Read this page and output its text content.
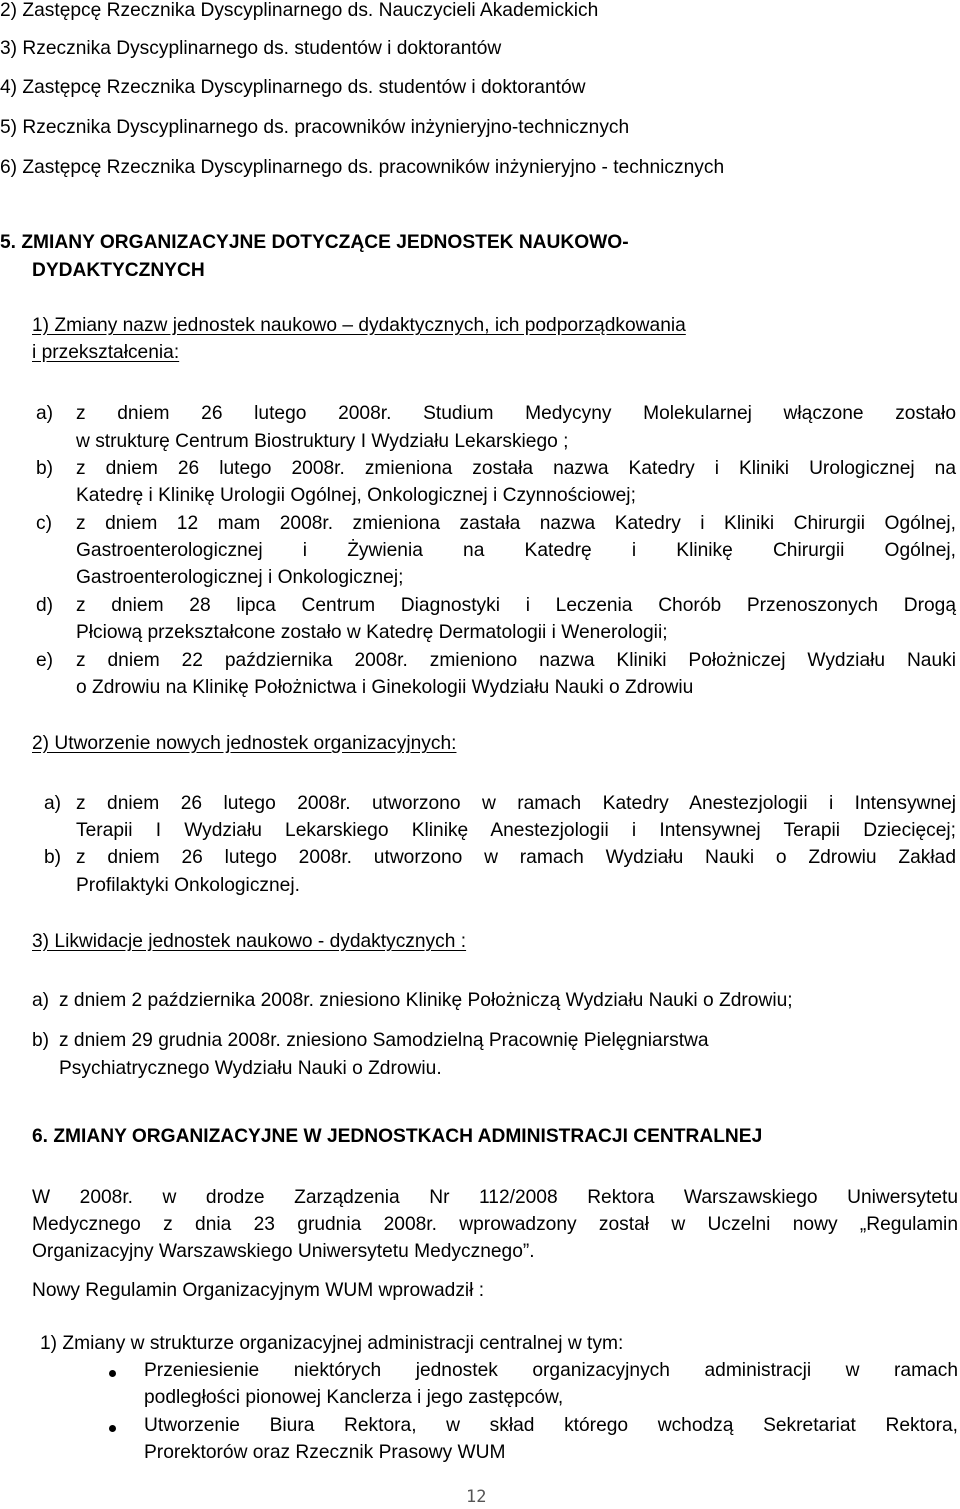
2) Zastępcę Rzecznika Dyscyplinarnego ds. Nauczycieli Akademickich
3) Rzecznika Dyscyplinarnego ds. studentów i doktorantów
4) Zastępcę Rzecznika Dyscyplinarnego ds. studentów i doktorantów
5) Rzecznika Dyscyplinarnego ds. pracowników inżynieryjno-technicznych
6) Zastępcę Rzecznika Dyscyplinarnego ds. pracowników inżynieryjno - technicznych
5. ZMIANY ORGANIZACYJNE DOTYCZĄCE JEDNOSTEK NAUKOWO-
DYDAKTYCZNYCH
1) Zmiany nazw jednostek naukowo – dydaktycznych, ich podporządkowania
i przekształcenia:
a) z dniem 26 lutego 2008r. Studium Medycyny Molekularnej włączone zostało
w strukturę Centrum Biostruktury I Wydziału Lekarskiego ;
b) z dniem 26 lutego 2008r. zmieniona została nazwa Katedry i Kliniki Urologicznej na
Katedrę i Klinikę Urologii Ogólnej, Onkologicznej i Czynnościowej;
c) z dniem 12 mam 2008r. zmieniona zastała nazwa Katedry i Kliniki Chirurgii Ogólnej,
Gastroenterologicznej i Żywienia na Katedrę i Klinikę Chirurgii Ogólnej,
Gastroenterologicznej i Onkologicznej;
d) z dniem 28 lipca Centrum Diagnostyki i Leczenia Chorób Przenoszonych Drogą
Płciową przekształcone zostało w Katedrę Dermatologii i Wenerologii;
e) z dniem 22 października 2008r. zmieniono nazwa Kliniki Położniczej Wydziału Nauki
o Zdrowiu na Klinikę Położnictwa i Ginekologii Wydziału Nauki o Zdrowiu
2) Utworzenie nowych jednostek organizacyjnych:
a) z dniem 26 lutego 2008r. utworzono w ramach Katedry Anestezjologii i Intensywnej
Terapii I Wydziału Lekarskiego Klinikę Anestezjologii i Intensywnej Terapii Dziecięcej;
b) z dniem 26 lutego 2008r. utworzono w ramach Wydziału Nauki o Zdrowiu Zakład
Profilaktyki Onkologicznej.
3) Likwidacje jednostek naukowo - dydaktycznych :
a) z dniem 2 października 2008r. zniesiono Klinikę Położniczą Wydziału Nauki o Zdrowiu;
b) z dniem 29 grudnia 2008r. zniesiono Samodzielną Pracownię Pielęgniarstwa
Psychiatrycznego Wydziału Nauki o Zdrowiu.
6. ZMIANY ORGANIZACYJNE W JEDNOSTKACH ADMINISTRACJI CENTRALNEJ
W 2008r. w drodze Zarządzenia Nr 112/2008 Rektora Warszawskiego Uniwersytetu
Medycznego z dnia 23 grudnia 2008r. wprowadzony został w Uczelni nowy „Regulamin
Organizacyjny Warszawskiego Uniwersytetu Medycznego”.
Nowy Regulamin Organizacyjnym WUM wprowadził :
1) Zmiany w strukturze organizacyjnej administracji centralnej w tym:
Przeniesienie niektórych jednostek organizacyjnych administracji w ramach
podległości pionowej Kanclerza i jego zastępców,
Utworzenie Biura Rektora, w skład którego wchodzą Sekretariat Rektora,
Prorektorów oraz Rzecznik Prasowy WUM
12
